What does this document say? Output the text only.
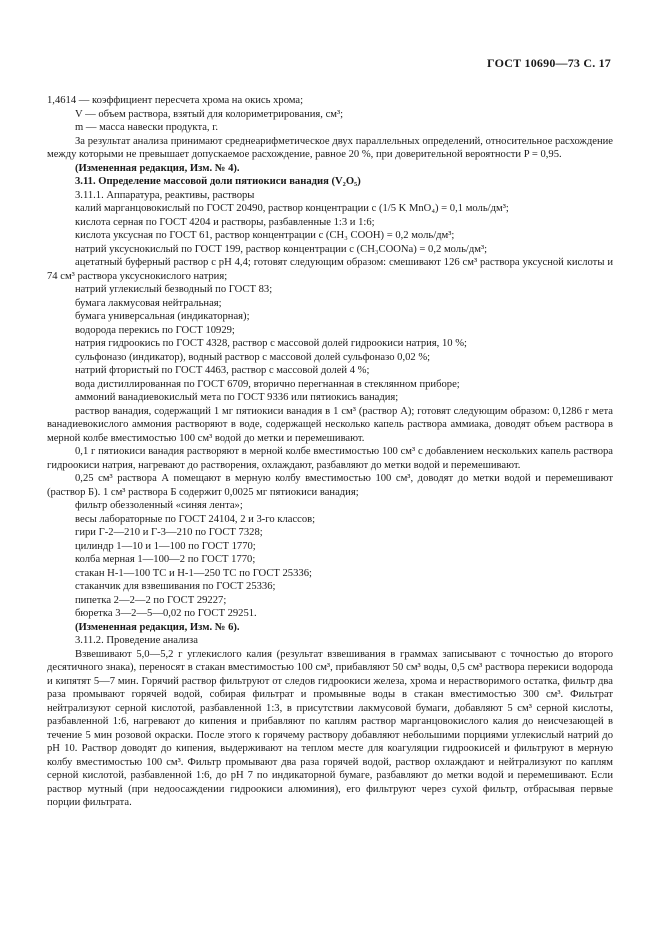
ГОСТ 10690—73 С. 17

1,4614 — коэффициент пересчета хрома на окись хрома;

V — объем раствора, взятый для колориметрирования, см³;

m — масса навески продукта, г.

За результат анализа принимают среднеарифметическое двух параллельных определений, относительное расхождение между которыми не превышает допускаемое расхождение, равное 20 %, при доверительной вероятности P = 0,95.

(Измененная редакция, Изм. № 4).

3.11. Определение массовой доли пятиокиси ванадия (V₂O₅)

3.11.1. Аппаратура, реактивы, растворы

калий марганцовокислый по ГОСТ 20490, раствор концентрации c (1/5 K MnO₄) = 0,1 моль/дм³;

кислота серная по ГОСТ 4204 и растворы, разбавленные 1:3 и 1:6;

кислота уксусная по ГОСТ 61, раствор концентрации c (CH₃ COOH) = 0,2 моль/дм³;

натрий уксуснокислый по ГОСТ 199, раствор концентрации c (CH₃COONa) = 0,2 моль/дм³;

ацетатный буферный раствор с pH 4,4; готовят следующим образом: смешивают 126 см³ раствора уксусной кислоты и 74 см³ раствора уксуснокислого натрия;

натрий углекислый безводный по ГОСТ 83;

бумага лакмусовая нейтральная;

бумага универсальная (индикаторная);

водорода перекись по ГОСТ 10929;

натрия гидроокись по ГОСТ 4328, раствор с массовой долей гидроокиси натрия, 10 %;

сульфоназо (индикатор), водный раствор с массовой долей сульфоназо 0,02 %;

натрий фтористый по ГОСТ 4463, раствор с массовой долей 4 %;

вода дистиллированная по ГОСТ 6709, вторично перегнанная в стеклянном приборе;

аммоний ванадиевокислый мета по ГОСТ 9336 или пятиокись ванадия;

раствор ванадия, содержащий 1 мг пятиокиси ванадия в 1 см³ (раствор А); готовят следующим образом: 0,1286 г мета ванадиевокислого аммония растворяют в воде, содержащей несколько капель раствора аммиака, доводят объем раствора в мерной колбе вместимостью 100 см³ водой до метки и перемешивают.

0,1 г пятиокиси ванадия растворяют в мерной колбе вместимостью 100 см³ с добавлением нескольких капель раствора гидроокиси натрия, нагревают до растворения, охлаждают, разбавляют до метки водой и перемешивают.

0,25 см³ раствора А помещают в мерную колбу вместимостью 100 см³, доводят до метки водой и перемешивают (раствор Б). 1 см³ раствора Б содержит 0,0025 мг пятиокиси ванадия;

фильтр обеззоленный «синяя лента»;

весы лабораторные по ГОСТ 24104, 2 и 3-го классов;

гири Г-2—210 и Г-3—210 по ГОСТ 7328;

цилиндр 1—10 и 1—100 по ГОСТ 1770;

колба мерная 1—100—2 по ГОСТ 1770;

стакан Н-1—100 ТС и Н-1—250 ТС по ГОСТ 25336;

стаканчик для взвешивания по ГОСТ 25336;

пипетка 2—2—2 по ГОСТ 29227;

бюретка 3—2—5—0,02 по ГОСТ 29251.

(Измененная редакция, Изм. № 6).

3.11.2. Проведение анализа

Взвешивают 5,0—5,2 г углекислого калия (результат взвешивания в граммах записывают с точностью до второго десятичного знака), переносят в стакан вместимостью 100 см³, прибавляют 50 см³ воды, 0,5 см³ раствора перекиси водорода и кипятят 5—7 мин. Горячий раствор фильтруют от следов гидроокиси железа, хрома и нерастворимого остатка, фильтр два раза промывают горячей водой, собирая фильтрат и промывные воды в стакан вместимостью 300 см³. Фильтрат нейтрализуют серной кислотой, разбавленной 1:3, в присутствии лакмусовой бумаги, добавляют 5 см³ серной кислоты, разбавленной 1:6, нагревают до кипения и прибавляют по каплям раствор марганцовокислого калия до неисчезающей в течение 5 мин розовой окраски. После этого к горячему раствору добавляют небольшими порциями углекислый натрий до pH 10. Раствор доводят до кипения, выдерживают на теплом месте для коагуляции гидроокисей и фильтруют в мерную колбу вместимостью 100 см³. Фильтр промывают два раза горячей водой, раствор охлаждают и нейтрализуют по каплям серной кислотой, разбавленной 1:6, до pH 7 по индикаторной бумаге, разбавляют до метки водой и перемешивают. Если раствор мутный (при недоосаждении гидроокиси алюминия), его фильтруют через сухой фильтр, отбрасывая первые порции фильтрата.
